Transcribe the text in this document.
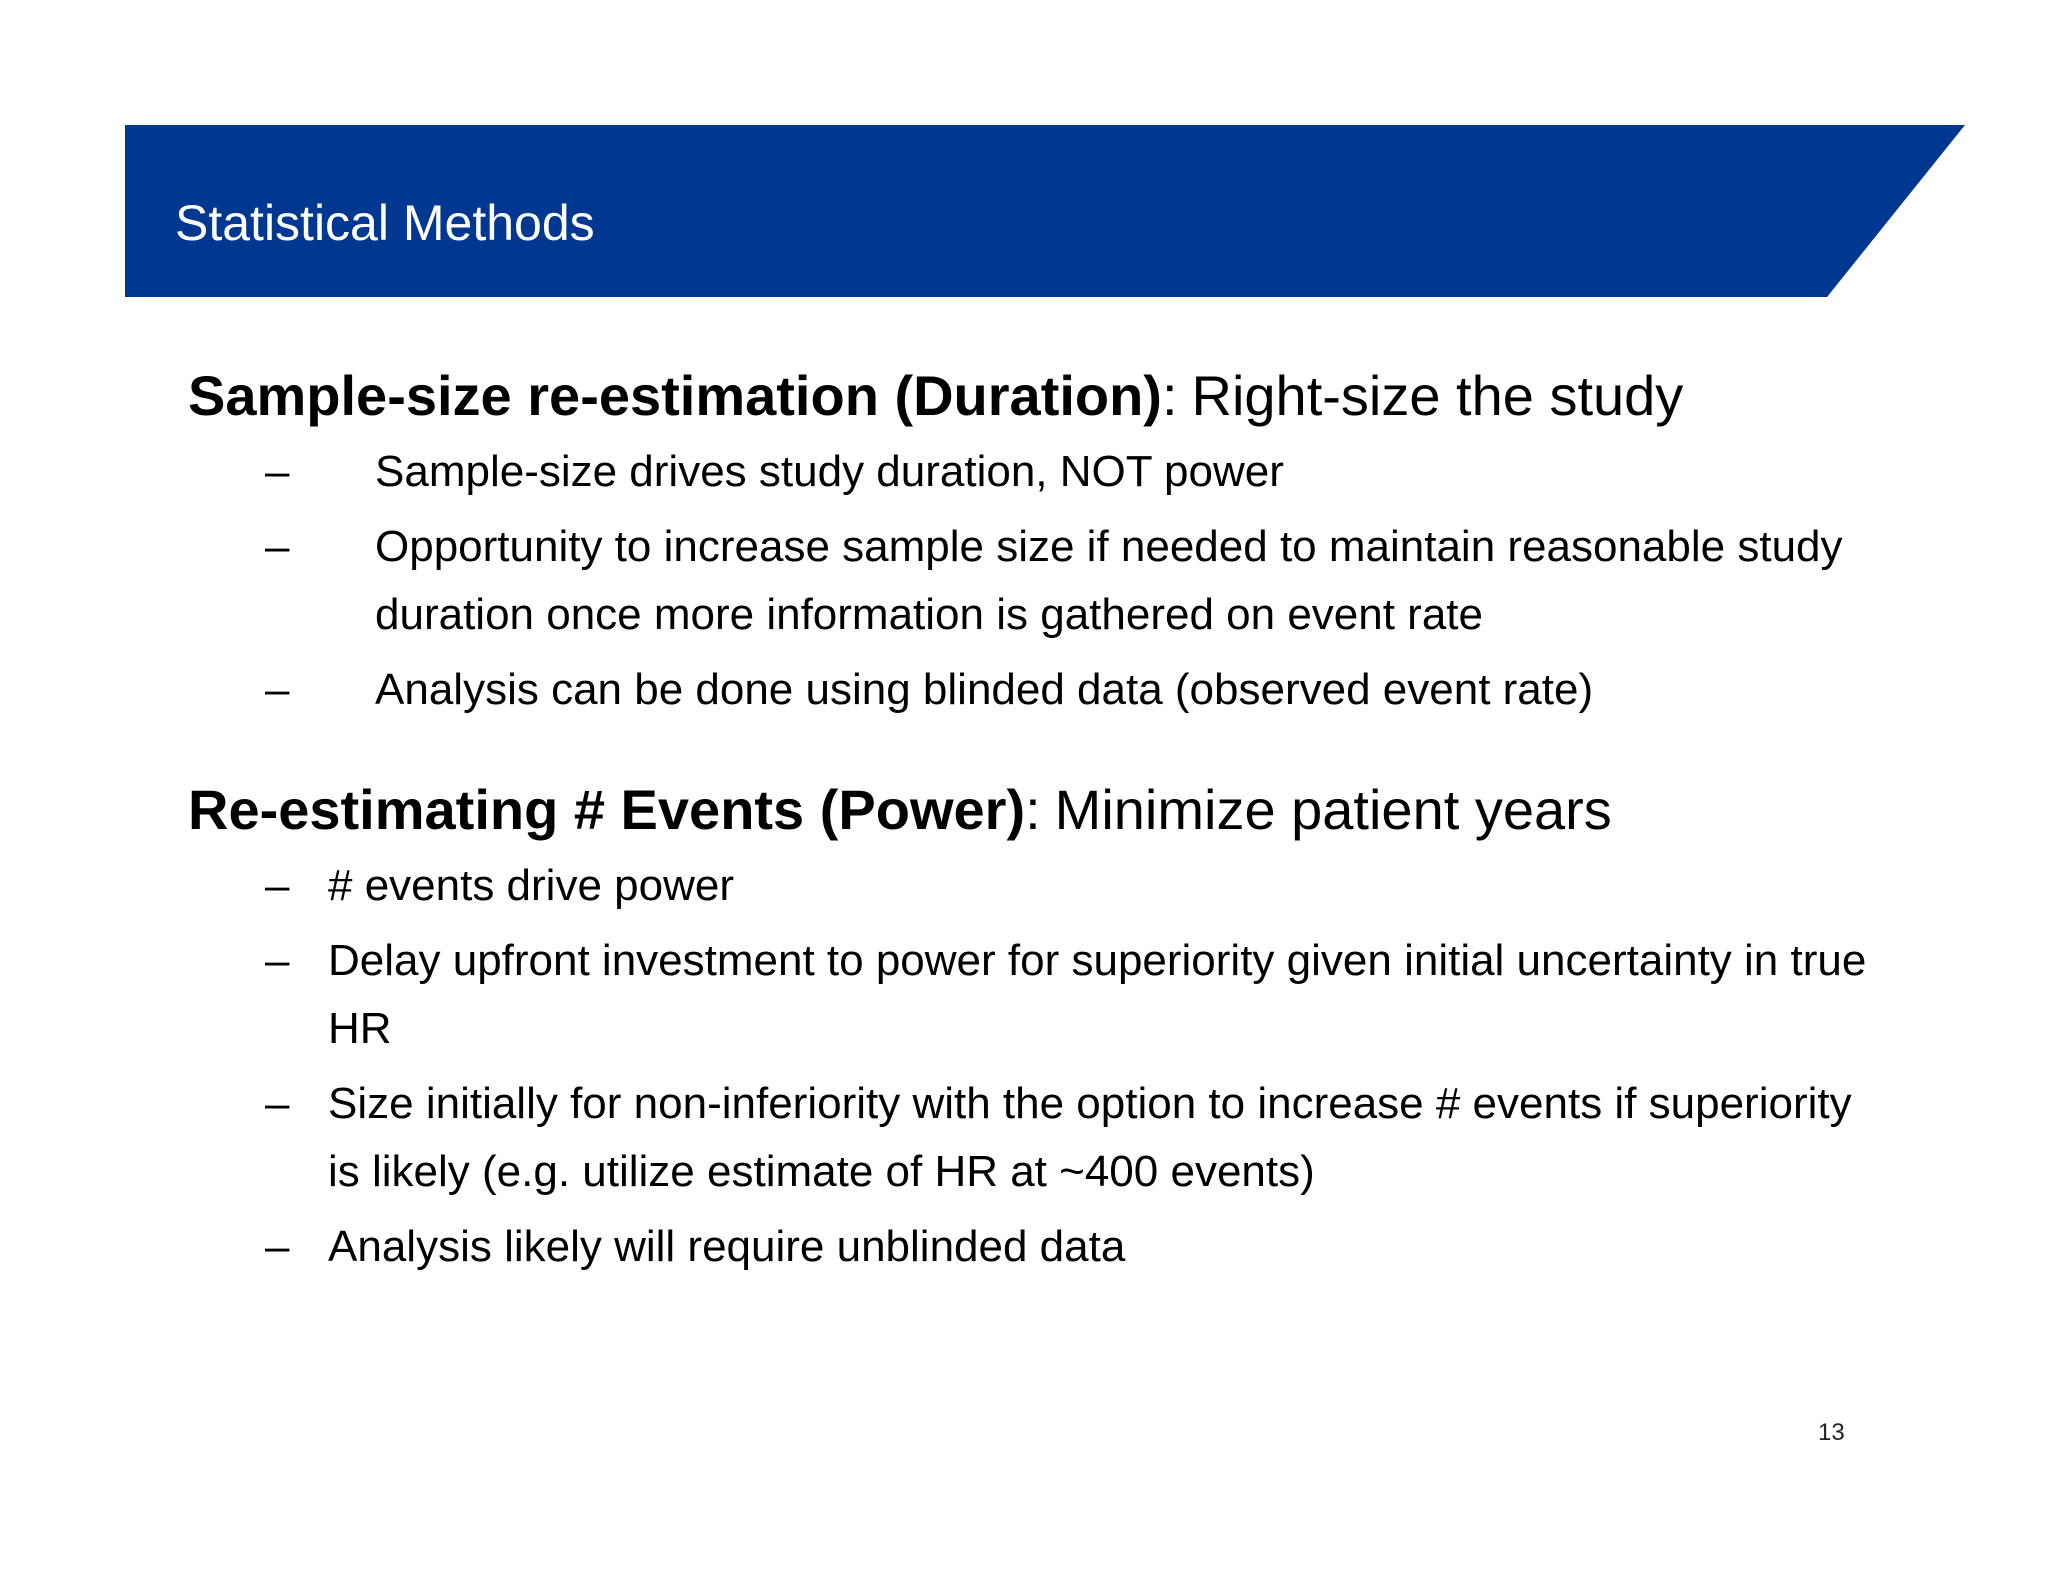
Statistical Methods

Sample-size re-estimation (Duration): Right-size the study

– Sample-size drives study duration, NOT power
– Opportunity to increase sample size if needed to maintain reasonable study duration once more information is gathered on event rate
– Analysis can be done using blinded data (observed event rate)

Re-estimating # Events (Power): Minimize patient years

– # events drive power
– Delay upfront investment to power for superiority given initial uncertainty in true HR
– Size initially for non-inferiority with the option to increase # events if superiority is likely (e.g. utilize estimate of HR at ~400 events)
– Analysis likely will require unblinded data
13
